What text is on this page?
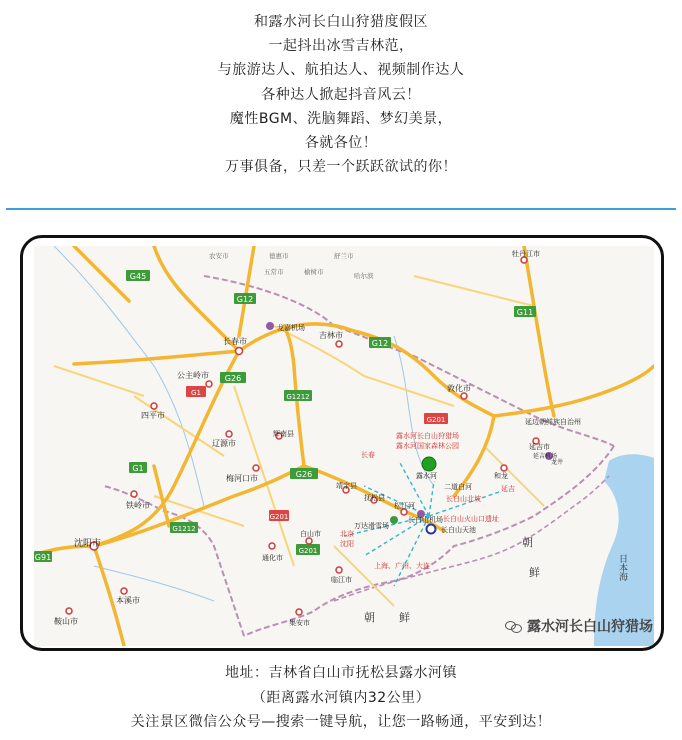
和露水河长白山狩猎度假区
一起抖出冰雪吉林范，
与旅游达人、航拍达人、视频制作达人
各种达人掀起抖音风云！
魔性BGM、洗脑舞蹈、梦幻美景，
各就各位！
万事俱备，只差一个跃跃欲试的你！
G45
G12
G12
G11
G201
G26
G1212
G1
G1
G1212
G91
G26
G201
G201
农安市	德惠市	舒兰市
五常市	榆树市	哈尔滨
长春市
吉林市
公主岭市
四平市
辽源市
铁岭市
沈阳市
本溪市
鞍山市
梅河口市
辉南县
通化市
白山市
临江市
集安市
敦化市
延边朝鲜族自治州
延吉市
和龙
龙井
牡丹江市
靖宇县
抚松县
松江河
二道白河
露水河
龙嘉机场
长白山机场
延吉机场
万达滑雪场	长白山天池
朝 鲜
朝
鲜	日本海
露水河长白山狩猎场
露水河国家森林公园
长白山北坡
长白山火山口遗址
长春
延吉
北京
沈阳
上海、广州、大连
露水河长白山狩猎场
地址：吉林省白山市抚松县露水河镇
（距离露水河镇内32公里）
关注景区微信公众号—搜索一键导航，让您一路畅通，平安到达！
